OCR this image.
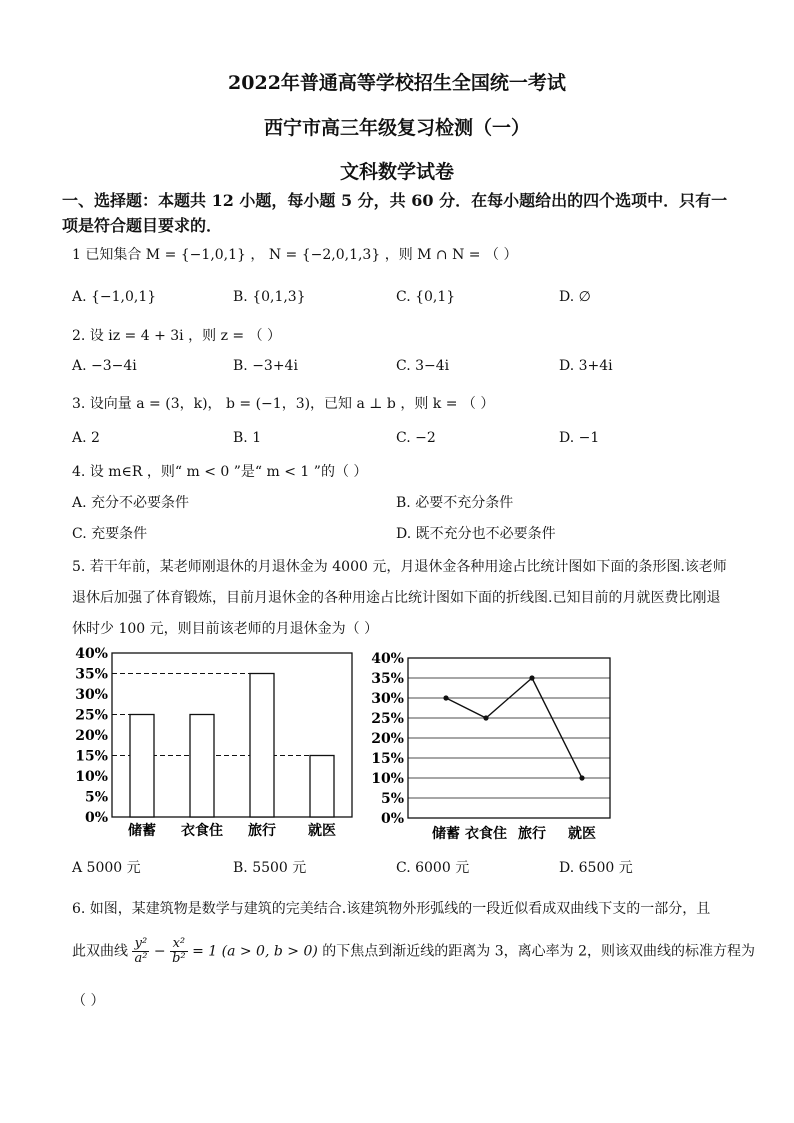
2022年普通高等学校招生全国统一考试
西宁市高三年级复习检测（一）
文科数学试卷
一、选择题：本题共 12 小题，每小题 5 分，共 60 分．在每小题给出的四个选项中．只有一
项是符合题目要求的．
1 已知集合 M = {−1,0,1} ， N = {−2,0,1,3} ，则 M ∩ N = （ ）
A. {−1,0,1}	B. {0,1,3}	C. {0,1}	D. ∅
2. 设 iz = 4 + 3i ，则 z = （ ）
A. −3−4i	B. −3+4i	C. 3−4i	D. 3+4i
3. 设向量 a = (3，k)， b = (−1，3)，已知 a ⊥ b ，则 k = （ ）
A. 2	B. 1	C. −2	D. −1
4. 设 m∈R ，则“ m < 0 ”是“ m < 1 ”的（ ）
A. 充分不必要条件	B. 必要不充分条件
C. 充要条件	D. 既不充分也不必要条件
5. 若干年前，某老师刚退休的月退休金为 4000 元，月退休金各种用途占比统计图如下面的条形图.该老师
退休后加强了体育锻炼，目前月退休金的各种用途占比统计图如下面的折线图.已知目前的月就医费比刚退
休时少 100 元，则目前该老师的月退休金为（ ）
0%
5%
10%
15%
20%
25%
30%
35%
40%
储蓄 衣食住 旅行 就医
0%
5%
10%
15%
20%
25%
30%
35%
40%
储蓄 衣食住 旅行 就医
A 5000 元	B. 5500 元	C. 6000 元	D. 6500 元
6. 如图，某建筑物是数学与建筑的完美结合.该建筑物外形弧线的一段近似看成双曲线下支的一部分，且
此双曲线 $\frac{\text{y²}}{\text{a²}} - \frac{\text{x²}}{\text{b²}} = 1$ (a > 0, b > 0) 的下焦点到渐近线的距离为 3，离心率为 2，则该双曲线的标准方程为
（ ）
